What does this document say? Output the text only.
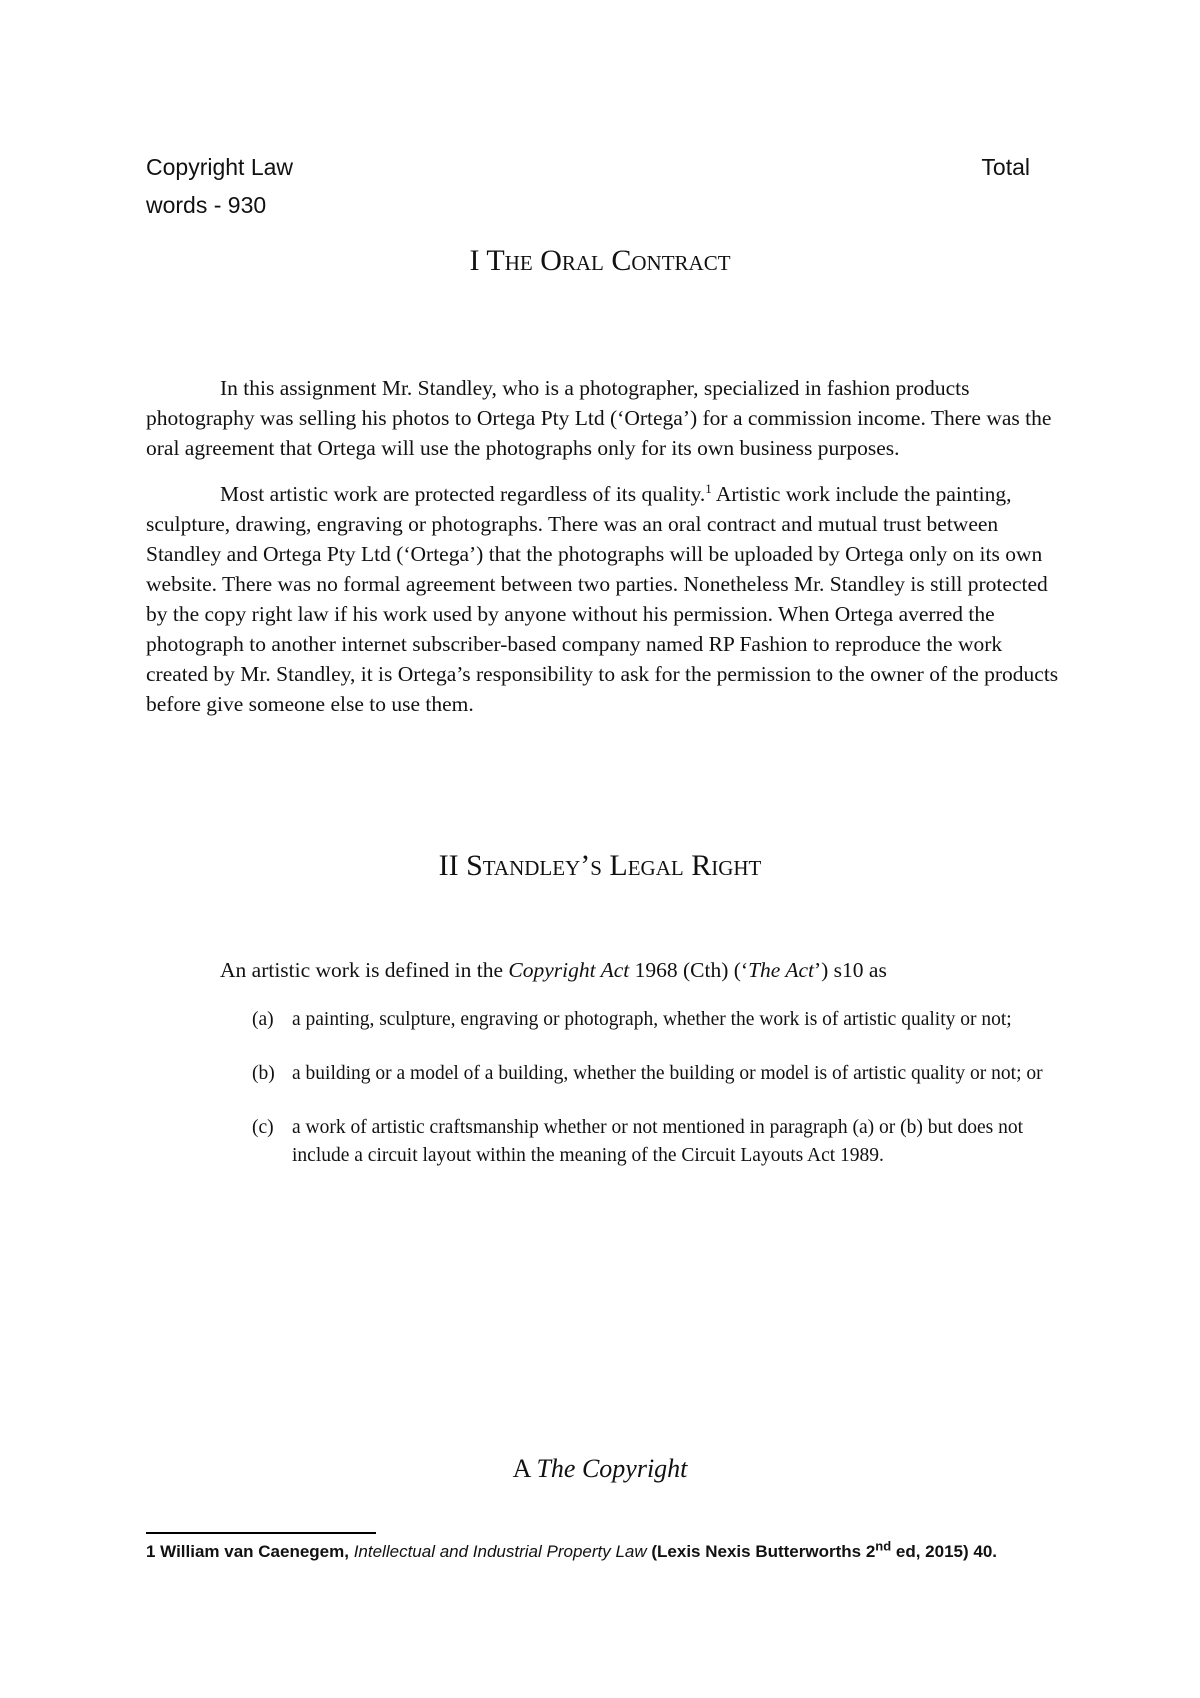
Copyright Law	Total
words - 930
I The Oral Contract

In this assignment Mr. Standley, who is a photographer, specialized in fashion products photography was selling his photos to Ortega Pty Ltd (‘Ortega’) for a commission income. There was the oral agreement that Ortega will use the photographs only for its own business purposes.

Most artistic work are protected regardless of its quality.$^1$ Artistic work include the painting, sculpture, drawing, engraving or photographs. There was an oral contract and mutual trust between Standley and Ortega Pty Ltd (‘Ortega’) that the photographs will be uploaded by Ortega only on its own website. There was no formal agreement between two parties. Nonetheless Mr. Standley is still protected by the copy right law if his work used by anyone without his permission. When Ortega averred the photograph to another internet subscriber-based company named RP Fashion to reproduce the work created by Mr. Standley, it is Ortega’s responsibility to ask for the permission to the owner of the products before give someone else to use them.

II Standley’s Legal Right
An artistic work is defined in the Copyright Act 1968 (Cth) (‘The Act’) s10 as
(a) a painting, sculpture, engraving or photograph, whether the work is of artistic quality or not;
(b) a building or a model of a building, whether the building or model is of artistic quality or not; or
(c) a work of artistic craftsmanship whether or not mentioned in paragraph (a) or (b) but does not include a circuit layout within the meaning of the Circuit Layouts Act 1989.
A The Copyright
1 William van Caenegem, Intellectual and Industrial Property Law (Lexis Nexis Butterworths 2nd ed, 2015) 40.
